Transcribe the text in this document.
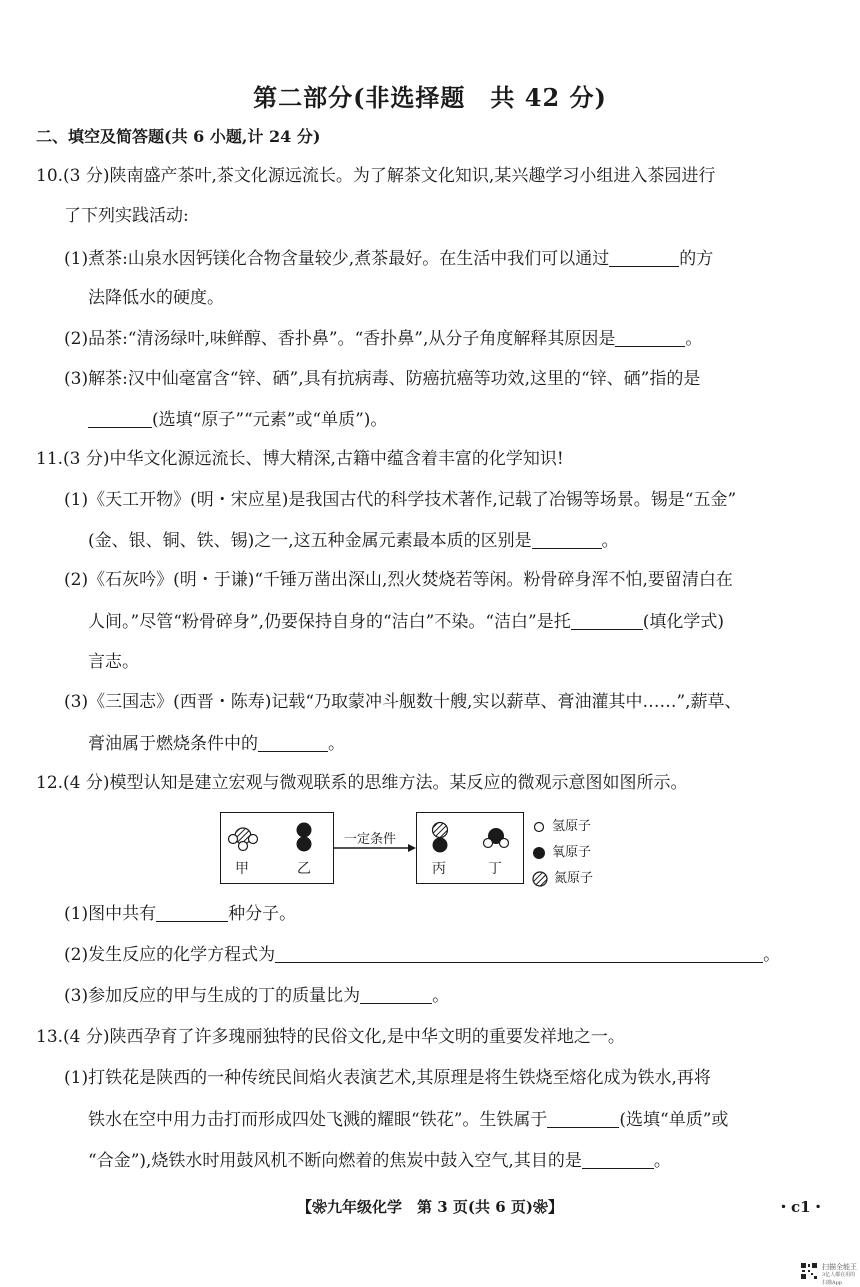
第二部分(非选择题　共 42 分)
二、填空及简答题(共 6 小题,计 24 分)
10.(3 分)陕南盛产茶叶,茶文化源远流长。为了解茶文化知识,某兴趣学习小组进入茶园进行
了下列实践活动:
(1)煮茶:山泉水因钙镁化合物含量较少,煮茶最好。在生活中我们可以通过	的方
法降低水的硬度。
(2)品茶:“清汤绿叶,味鲜醇、香扑鼻”。“香扑鼻”,从分子角度解释其原因是	。
(3)解茶:汉中仙毫富含“锌、硒”,具有抗病毒、防癌抗癌等功效,这里的“锌、硒”指的是
(选填“原子”“元素”或“单质”)。
11.(3 分)中华文化源远流长、博大精深,古籍中蕴含着丰富的化学知识!
(1)《天工开物》(明・宋应星)是我国古代的科学技术著作,记载了冶锡等场景。锡是“五金”
(金、银、铜、铁、锡)之一,这五种金属元素最本质的区别是	。
(2)《石灰吟》(明・于谦)“千锤万凿出深山,烈火焚烧若等闲。粉骨碎身浑不怕,要留清白在
人间。”尽管“粉骨碎身”,仍要保持自身的“洁白”不染。“洁白”是托	(填化学式)
言志。
(3)《三国志》(西晋・陈寿)记载“乃取蒙冲斗舰数十艘,实以薪草、膏油灌其中……”,薪草、
膏油属于燃烧条件中的	。
12.(4 分)模型认知是建立宏观与微观联系的思维方法。某反应的微观示意图如图所示。
甲	乙	丙	丁
一定条件
氢原子
氧原子
氮原子
(1)图中共有	种分子。
(2)发生反应的化学方程式为	。
(3)参加反应的甲与生成的丁的质量比为	。
13.(4 分)陕西孕育了许多瑰丽独特的民俗文化,是中华文明的重要发祥地之一。
(1)打铁花是陕西的一种传统民间焰火表演艺术,其原理是将生铁烧至熔化成为铁水,再将
铁水在空中用力击打而形成四处飞溅的耀眼“铁花”。生铁属于	(选填“单质”或
“合金”),烧铁水时用鼓风机不断向燃着的焦炭中鼓入空气,其目的是	。
【❀九年级化学　第 3 页(共 6 页)❀】	・c1・
扫描全能王
3亿人都在用的扫描App
